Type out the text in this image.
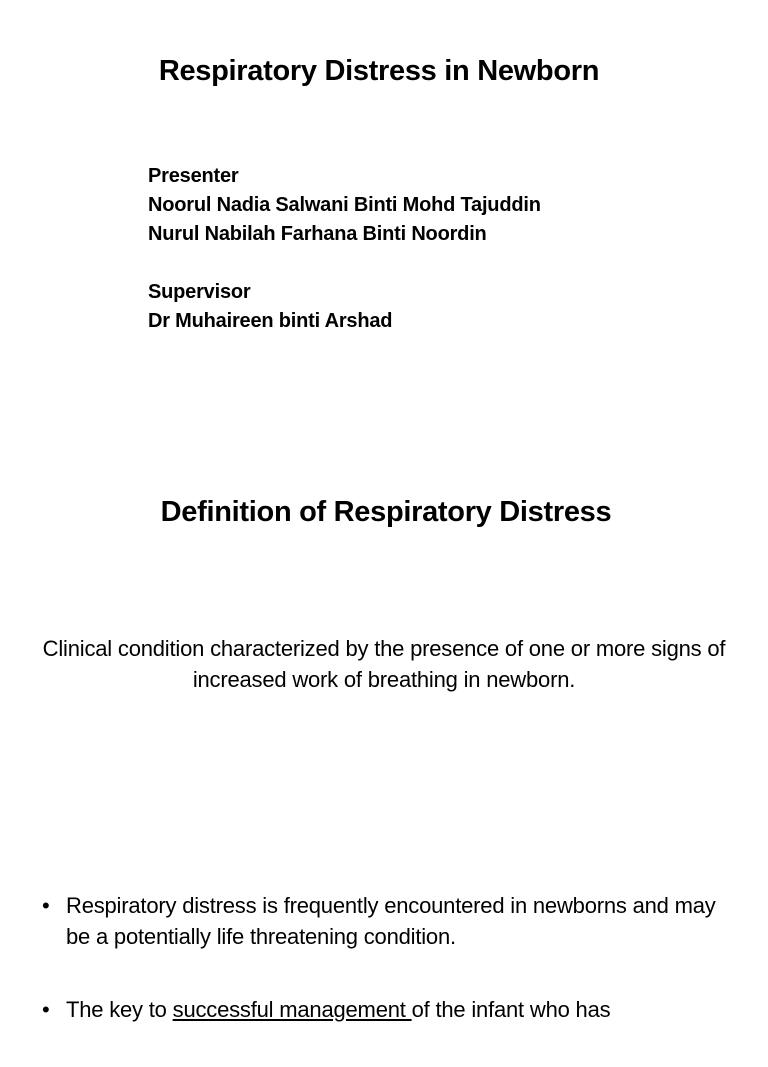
Respiratory Distress in Newborn
Presenter
Noorul Nadia Salwani Binti Mohd Tajuddin
Nurul Nabilah Farhana Binti Noordin
Supervisor
Dr Muhaireen binti Arshad
Definition of Respiratory Distress

Clinical condition characterized by the presence of one or more signs of increased work of breathing in newborn.

• Respiratory distress is frequently encountered in newborns and may be a potentially life threatening condition.
• The key to successful management of the infant who has
